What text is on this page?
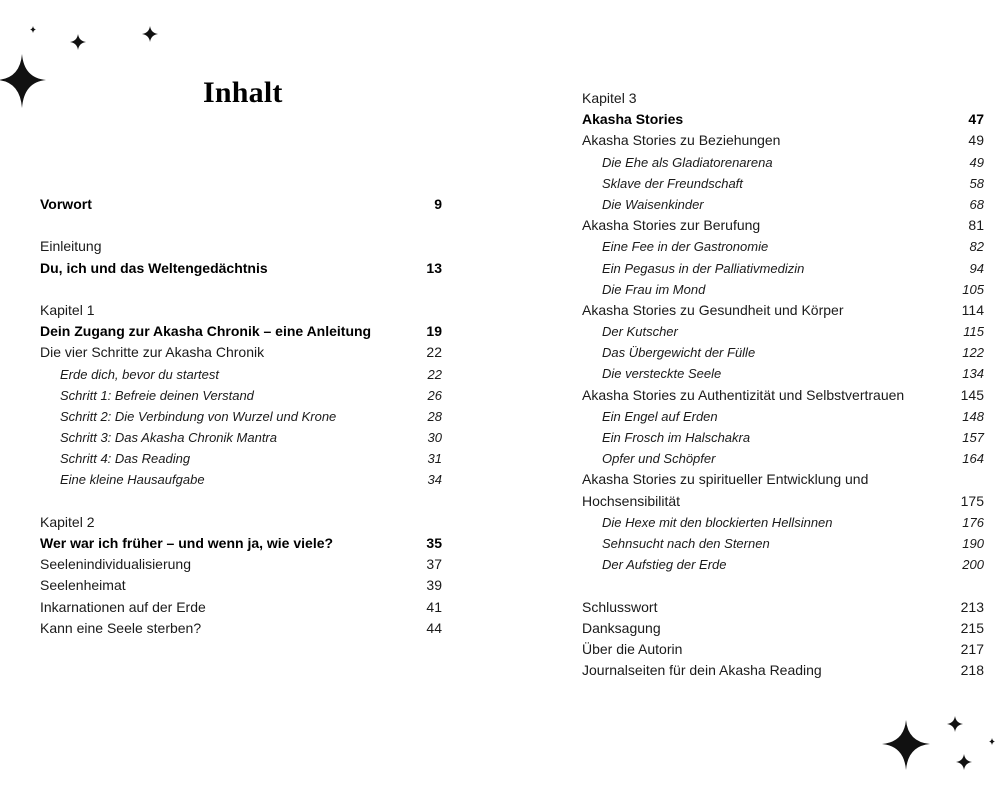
Inhalt
Vorwort	9
Einleitung
Du, ich und das Weltengedächtnis	13
Kapitel 1
Dein Zugang zur Akasha Chronik – eine Anleitung	19
Die vier Schritte zur Akasha Chronik	22
Erde dich, bevor du startest	22
Schritt 1: Befreie deinen Verstand	26
Schritt 2: Die Verbindung von Wurzel und Krone	28
Schritt 3: Das Akasha Chronik Mantra	30
Schritt 4: Das Reading	31
Eine kleine Hausaufgabe	34
Kapitel 2
Wer war ich früher – und wenn ja, wie viele?	35
Seelenindividualisierung	37
Seelenheimat	39
Inkarnationen auf der Erde	41
Kann eine Seele sterben?	44
Kapitel 3
Akasha Stories	47
Akasha Stories zu Beziehungen	49
Die Ehe als Gladiatorenarena	49
Sklave der Freundschaft	58
Die Waisenkinder	68
Akasha Stories zur Berufung	81
Eine Fee in der Gastronomie	82
Ein Pegasus in der Palliativmedizin	94
Die Frau im Mond	105
Akasha Stories zu Gesundheit und Körper	114
Der Kutscher	115
Das Übergewicht der Fülle	122
Die versteckte Seele	134
Akasha Stories zu Authentizität und Selbstvertrauen	145
Ein Engel auf Erden	148
Ein Frosch im Halschakra	157
Opfer und Schöpfer	164
Akasha Stories zu spiritueller Entwicklung und
Hochsensibilität	175
Die Hexe mit den blockierten Hellsinnen	176
Sehnsucht nach den Sternen	190
Der Aufstieg der Erde	200
Schlusswort	213
Danksagung	215
Über die Autorin	217
Journalseiten für dein Akasha Reading	218
